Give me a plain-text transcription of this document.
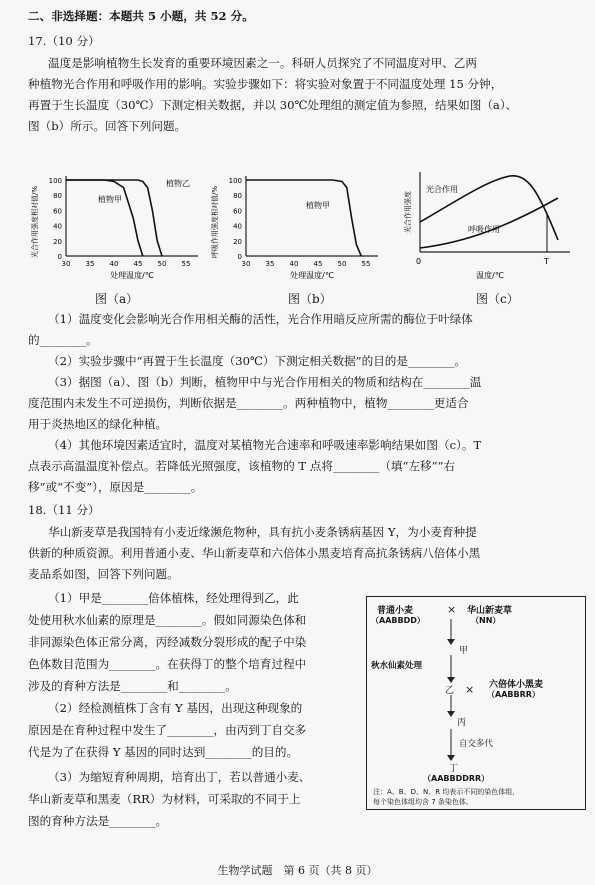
二、非选择题：本题共 5 小题，共 52 分。
17.（10 分）
温度是影响植物生长发育的重要环境因素之一。科研人员探究了不同温度对甲、乙两
种植物光合作用和呼吸作用的影响。实验步骤如下：将实验对象置于不同温度处理 15 分钟，
再置于生长温度（30℃）下测定相关数据，并以 30℃处理组的测定值为参照，结果如图（a）、
图（b）所示。回答下列问题。
光合作用强度相对值/%
100
80
60
40
20
0
30 35 40 45 50 55
植物甲
植物乙
处理温度/℃
图（a）
呼吸作用强度相对值/%
100
80
60
40
20
0
30 35 40 45 50 55
植物甲
处理温度/℃
图（b）
光合作用强度
光合作用
呼吸作用
0	T
温度/℃
图（c）
（1）温度变化会影响光合作用相关酶的活性，光合作用暗反应所需的酶位于叶绿体
的________。
（2）实验步骤中“再置于生长温度（30℃）下测定相关数据”的目的是________。
（3）据图（a）、图（b）判断，植物甲中与光合作用相关的物质和结构在________温
度范围内未发生不可逆损伤，判断依据是________。两种植物中，植物________更适合
用于炎热地区的绿化种植。
（4）其他环境因素适宜时，温度对某植物光合速率和呼吸速率影响结果如图（c）。T
点表示高温温度补偿点。若降低光照强度，该植物的 T 点将________（填“左移”“右
移”或“不变”），原因是________。
18.（11 分）
华山新麦草是我国特有小麦近缘濒危物种，具有抗小麦条锈病基因 Y，为小麦育种提
供新的种质资源。利用普通小麦、华山新麦草和六倍体小黑麦培育高抗条锈病八倍体小黑
麦品系如图，回答下列问题。
（1）甲是________倍体植株，经处理得到乙，此
处使用秋水仙素的原理是________。假如同源染色体和
非同源染色体正常分离，丙经减数分裂形成的配子中染
色体数目范围为________。在获得丁的整个培育过程中
涉及的育种方法是________和________。
（2）经检测植株丁含有 Y 基因，出现这种现象的
原因是在育种过程中发生了________，由丙到丁自交多
代是为了在获得 Y 基因的同时达到________的目的。
（3）为缩短育种周期，培育出丁，若以普通小麦、
华山新麦草和黑麦（RR）为材料，可采取的不同于上
图的育种方法是________。
普通小麦
（AABBDD）
× 华山新麦草
（NN）
甲
秋水仙素处理
乙 × 六倍体小黑麦
（AABBRR）
丙
自交多代
丁
（AABBDDRR）
注：A、B、D、N、R 均表示不同的染色体组，
每个染色体组均含 7 条染色体。
生物学试题　第 6 页（共 8 页）
